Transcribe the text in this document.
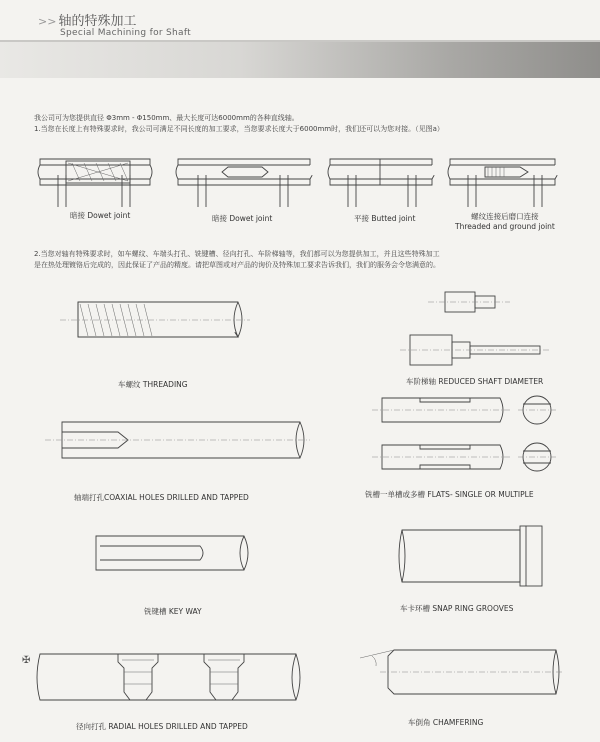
>> 轴的特殊加工
Special Machining for Shaft
我公司可为您提供直径 Φ3mm - Φ150mm、最大长度可达6000mm的各种直线轴。
1.当您在长度上有特殊要求时，我公司可满足不同长度的加工要求，当您要求长度大于6000mm时，我们还可以为您对接。（见图a）
暗接 Dowet joint	暗接 Dowet joint	平接 Butted joint	螺纹连接后磨口连接
Threaded and ground joint
2.当您对轴有特殊要求时，如车螺纹、车端头打孔、铣键槽、径向打孔、车阶梯轴等，我们都可以为您提供加工，并且这些特殊加工
是在热处理镀铬后完成的，因此保证了产品的精度。请把草图或对产品的询价及特殊加工要求告诉我们，我们的服务会令您满意的。
车螺纹 THREADING	车阶梯轴 REDUCED SHAFT DIAMETER
轴端打孔COAXIAL HOLES DRILLED AND TAPPED	铣槽一单槽或多槽 FLATS- SINGLE OR MULTIPLE
铣键槽 KEY WAY	车卡环槽 SNAP RING GROOVES
径向打孔 RADIAL HOLES DRILLED AND TAPPED	车倒角 CHAMFERING
✠
